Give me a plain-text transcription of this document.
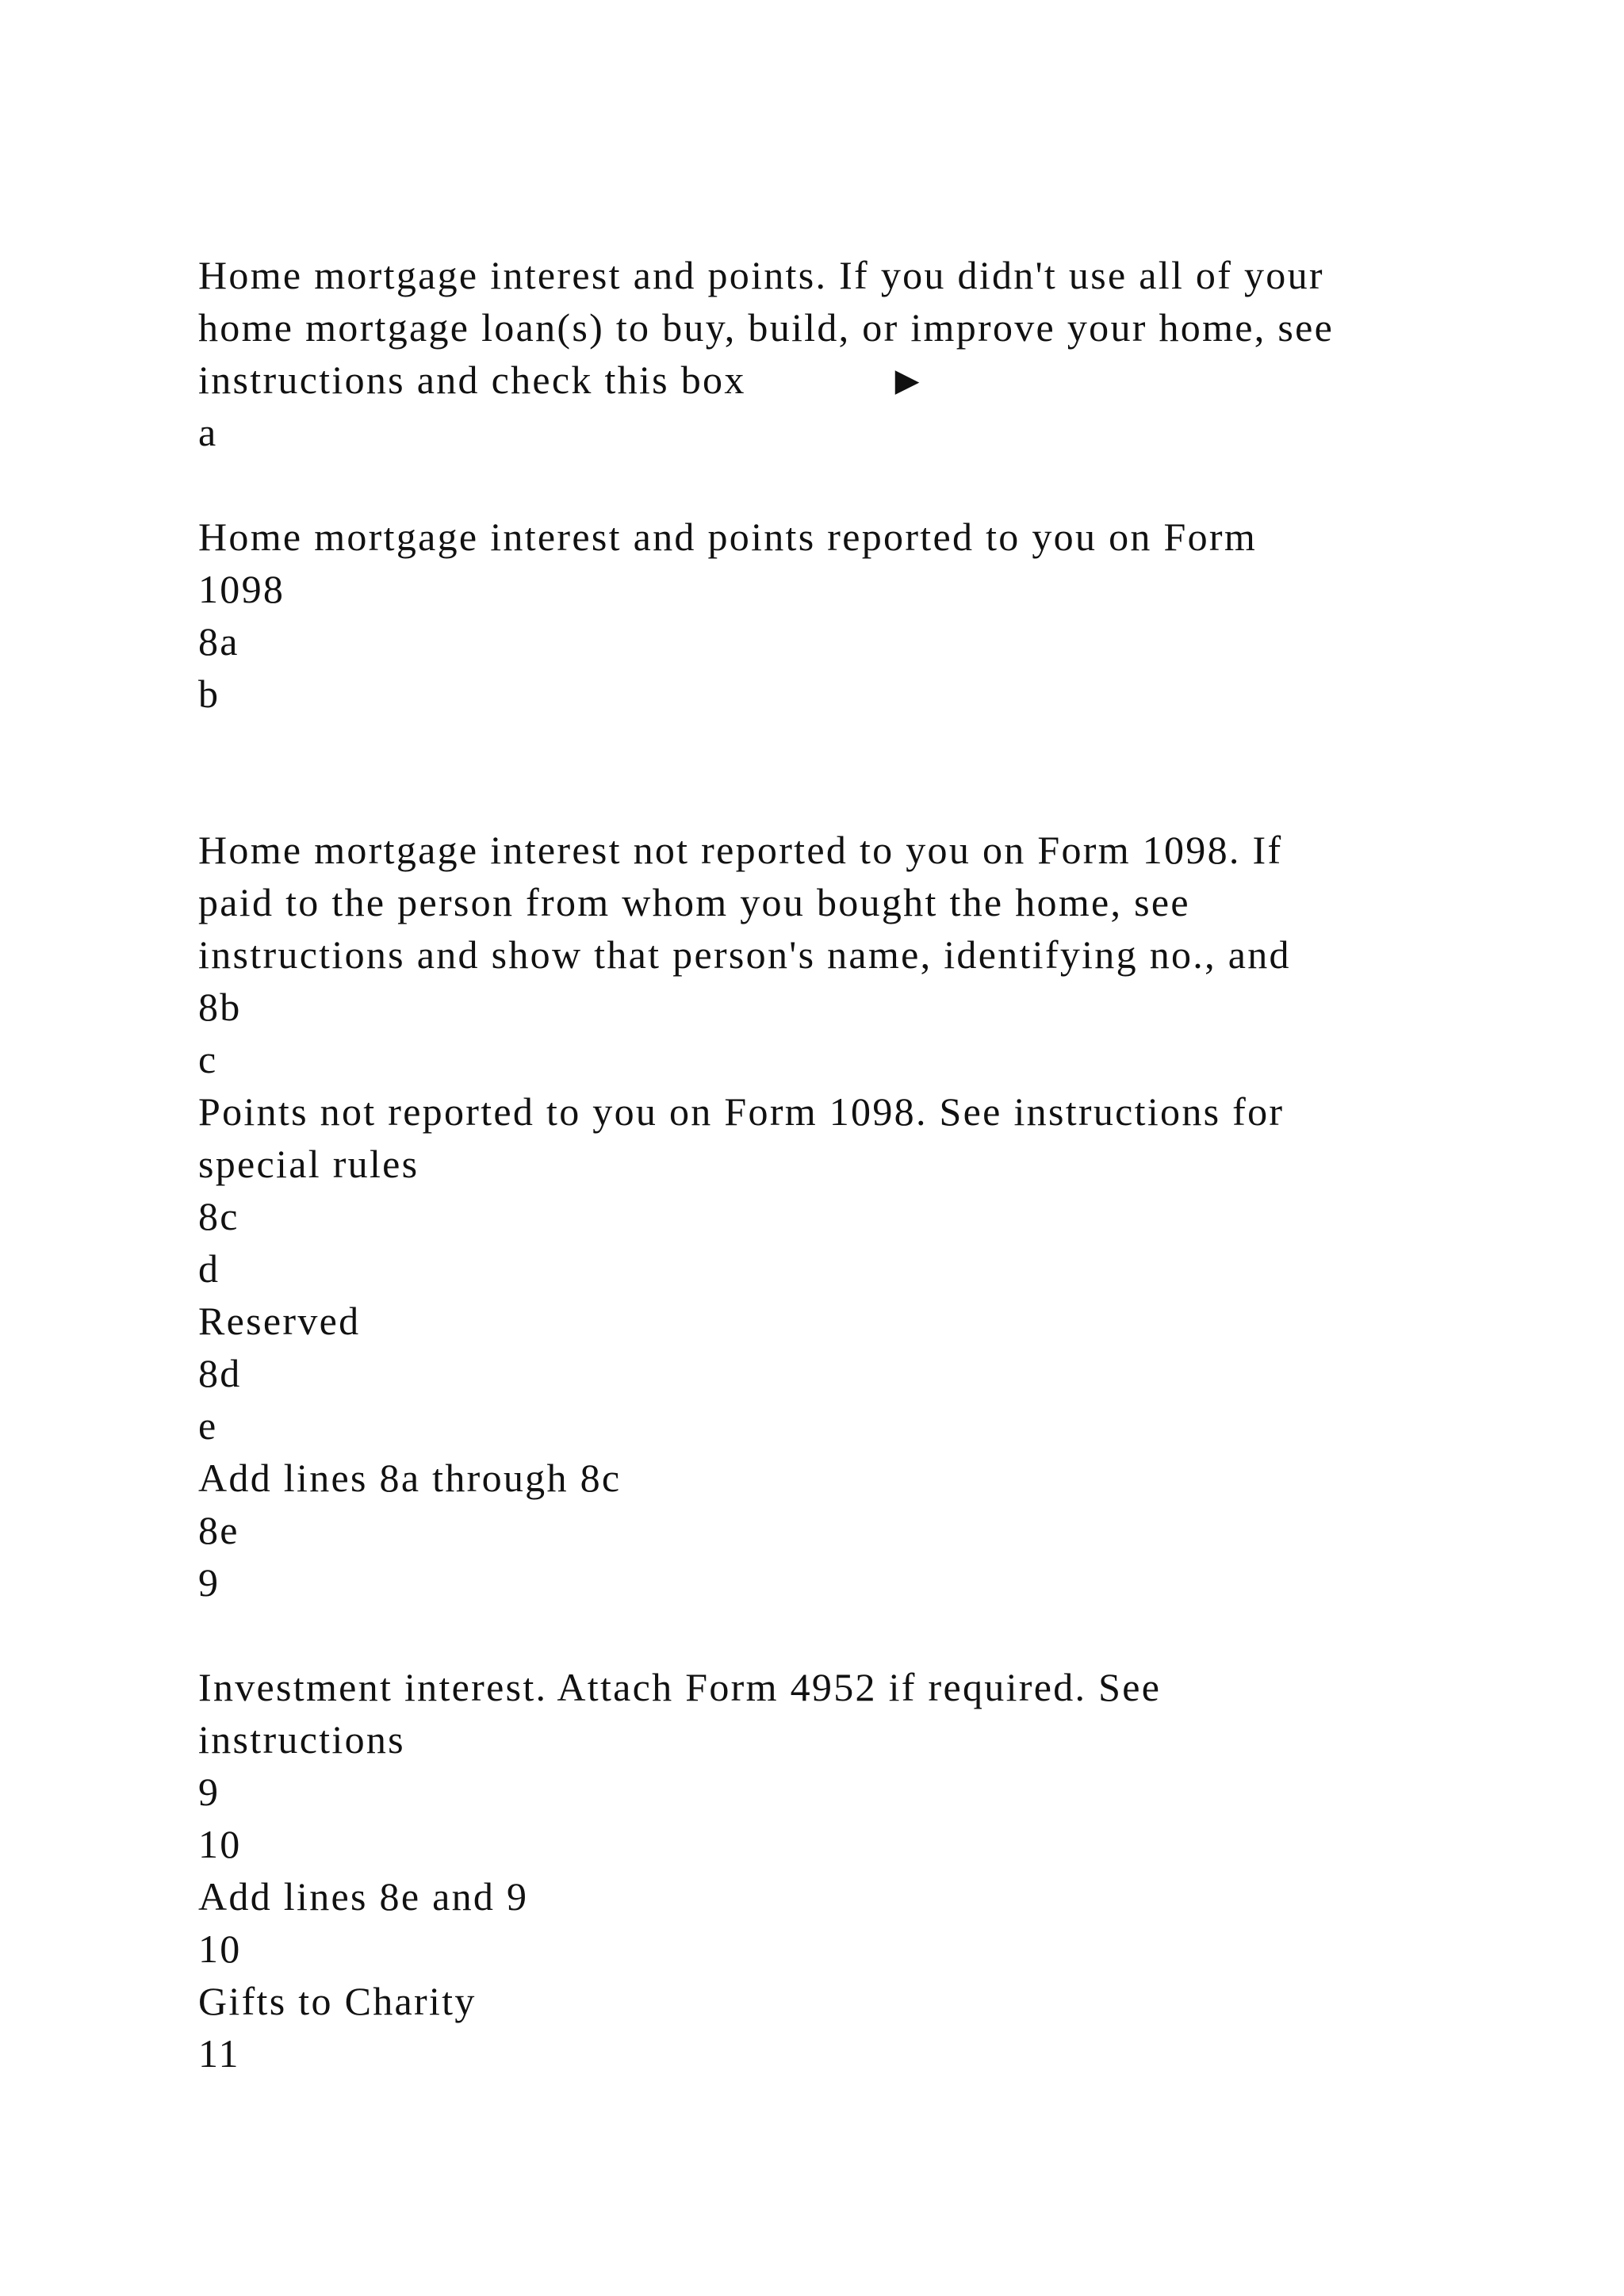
Home mortgage interest and points. If you didn't use all of your

home mortgage loan(s) to buy, build, or improve your home, see

instructions and check this box	▶

a

Home mortgage interest and points reported to you on Form

1098

8a

b

Home mortgage interest not reported to you on Form 1098. If

paid to the person from whom you bought the home, see

instructions and show that person's name, identifying no., and

8b

c

Points not reported to you on Form 1098. See instructions for

special rules

8c

d

Reserved

8d

e

Add lines 8a through 8c

8e

9

Investment interest. Attach Form 4952 if required. See

instructions

9

10

Add lines 8e and 9

10

Gifts to Charity

11
